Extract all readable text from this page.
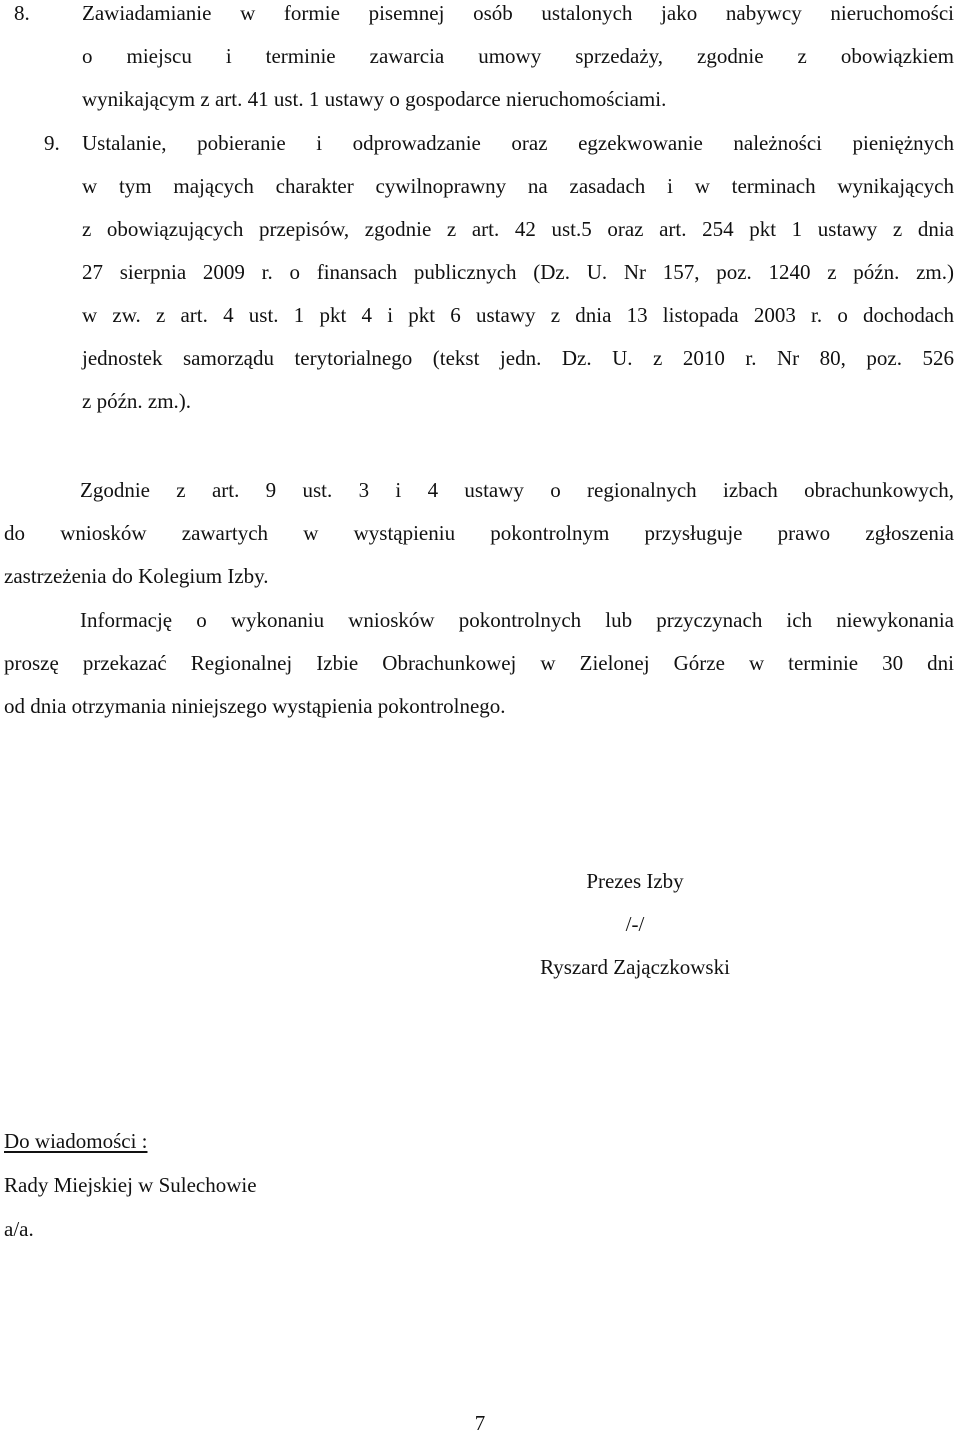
8. Zawiadamianie w formie pisemnej osób ustalonych jako nabywcy nieruchomości
o miejscu i terminie zawarcia umowy sprzedaży, zgodnie z obowiązkiem
wynikającym z art. 41 ust. 1 ustawy o gospodarce nieruchomościami.
9. Ustalanie, pobieranie i odprowadzanie oraz egzekwowanie należności pieniężnych
w tym mających charakter cywilnoprawny na zasadach i w terminach wynikających
z obowiązujących przepisów, zgodnie z art. 42 ust.5 oraz art. 254 pkt 1 ustawy z dnia
27 sierpnia 2009 r. o finansach publicznych (Dz. U. Nr 157, poz. 1240 z późn. zm.)
w zw. z art. 4 ust. 1 pkt 4 i pkt 6 ustawy z dnia 13 listopada 2003 r. o dochodach
jednostek samorządu terytorialnego (tekst jedn. Dz. U. z 2010 r. Nr 80, poz. 526
z późn. zm.).
Zgodnie z art. 9 ust. 3 i 4 ustawy o regionalnych izbach obrachunkowych,
do wniosków zawartych w wystąpieniu pokontrolnym przysługuje prawo zgłoszenia
zastrzeżenia do Kolegium Izby.
Informację o wykonaniu wniosków pokontrolnych lub przyczynach ich niewykonania
proszę przekazać Regionalnej Izbie Obrachunkowej w Zielonej Górze w terminie 30 dni
od dnia otrzymania niniejszego wystąpienia pokontrolnego.
Prezes Izby
/-/
Ryszard Zajączkowski
Do wiadomości :
Rady Miejskiej w Sulechowie
a/a.
7
